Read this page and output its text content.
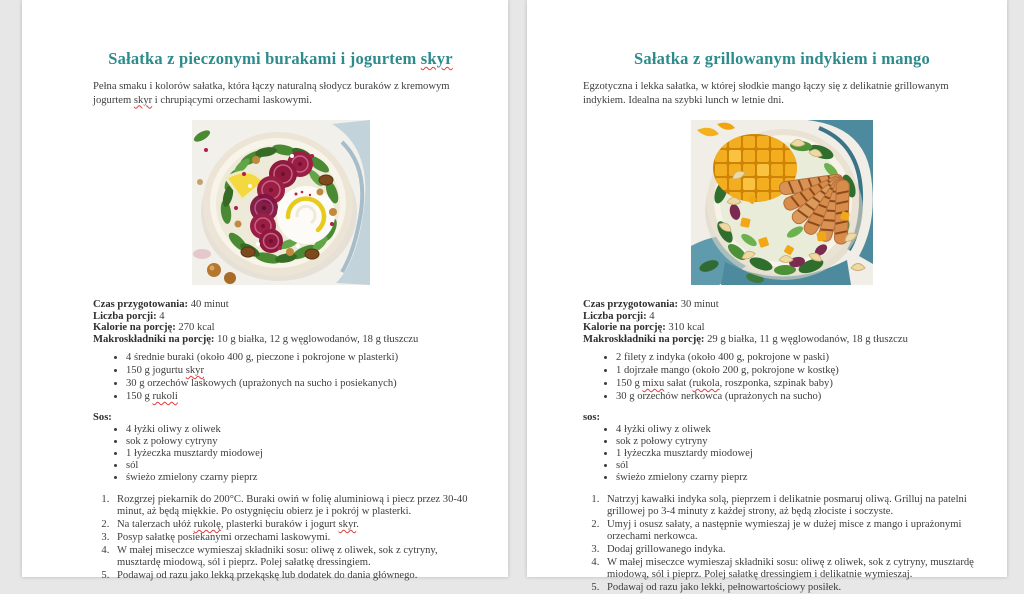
Sałatka z pieczonymi burakami i jogurtem skyr

Pełna smaku i kolorów sałatka, która łączy naturalną słodycz buraków z kremowym jogurtem skyr i chrupiącymi orzechami laskowymi.

Czas przygotowania: 40 minut

Liczba porcji: 4

Kalorie na porcję: 270 kcal

Makroskładniki na porcję: 10 g białka, 12 g węglowodanów, 18 g tłuszczu

• 4 średnie buraki (około 400 g, pieczone i pokrojone w plasterki)
• 150 g jogurtu skyr
• 30 g orzechów laskowych (uprażonych na sucho i posiekanych)
• 150 g rukoli

Sos:

• 4 łyżki oliwy z oliwek
• sok z połowy cytryny
• 1 łyżeczka musztardy miodowej
• sól
• świeżo zmielony czarny pieprz
1. Rozgrzej piekarnik do 200°C. Buraki owiń w folię aluminiową i piecz przez 30-40 minut, aż będą miękkie. Po ostygnięciu obierz je i pokrój w plasterki.
2. Na talerzach ułóż rukolę, plasterki buraków i jogurt skyr.
3. Posyp sałatkę posiekanymi orzechami laskowymi.
4. W małej miseczce wymieszaj składniki sosu: oliwę z oliwek, sok z cytryny, musztardę miodową, sól i pieprz. Polej sałatkę dressingiem.
5. Podawaj od razu jako lekką przekąskę lub dodatek do dania głównego.
Sałatka z grillowanym indykiem i mango

Egzotyczna i lekka sałatka, w której słodkie mango łączy się z delikatnie grillowanym indykiem. Idealna na szybki lunch w letnie dni.

Czas przygotowania: 30 minut

Liczba porcji: 4

Kalorie na porcję: 310 kcal

Makroskładniki na porcję: 29 g białka, 11 g węglowodanów, 18 g tłuszczu

• 2 filety z indyka (około 400 g, pokrojone w paski)
• 1 dojrzałe mango (około 200 g, pokrojone w kostkę)
• 150 g mixu sałat (rukola, roszponka, szpinak baby)
• 30 g orzechów nerkowca (uprażonych na sucho)

sos:

• 4 łyżki oliwy z oliwek
• sok z połowy cytryny
• 1 łyżeczka musztardy miodowej
• sól
• świeżo zmielony czarny pieprz
1. Natrzyj kawałki indyka solą, pieprzem i delikatnie posmaruj oliwą. Grilluj na patelni grillowej po 3-4 minuty z każdej strony, aż będą złociste i soczyste.
2. Umyj i osusz sałaty, a następnie wymieszaj je w dużej misce z mango i uprażonymi orzechami nerkowca.
3. Dodaj grillowanego indyka.
4. W małej miseczce wymieszaj składniki sosu: oliwę z oliwek, sok z cytryny, musztardę miodową, sól i pieprz. Polej sałatkę dressingiem i delikatnie wymieszaj.
5. Podawaj od razu jako lekki, pełnowartościowy posiłek.
